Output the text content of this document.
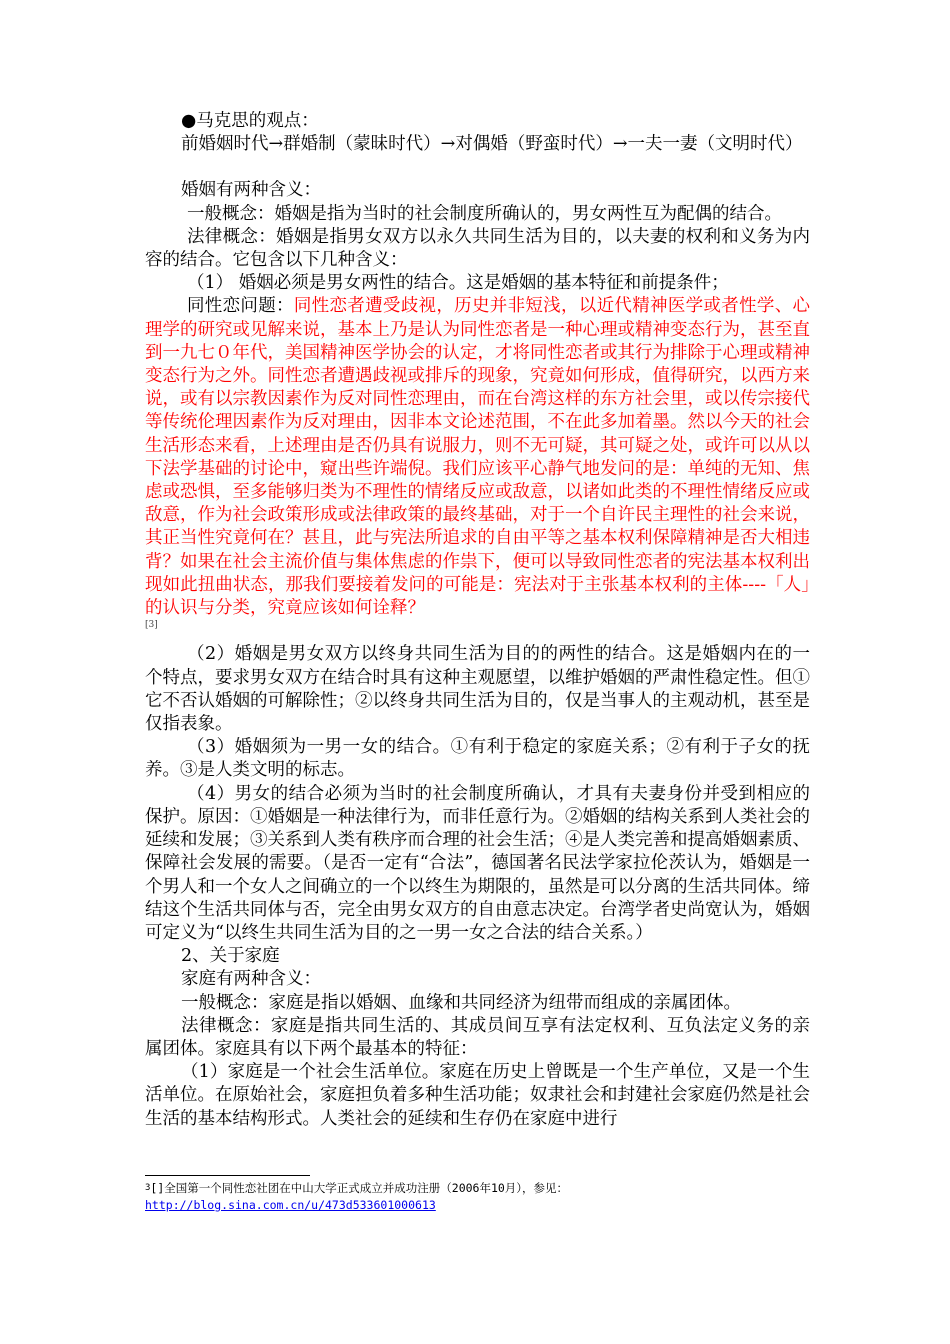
●马克思的观点：

前婚姻时代→群婚制（蒙昧时代）→对偶婚（野蛮时代）→一夫一妻（文明时代）

婚姻有两种含义：

一般概念：婚姻是指为当时的社会制度所确认的，男女两性互为配偶的结合。

法律概念：婚姻是指男女双方以永久共同生活为目的，以夫妻的权利和义务为内容的结合。它包含以下几种含义：

（1） 婚姻必须是男女两性的结合。这是婚姻的基本特征和前提条件；

同性恋问题：同性恋者遭受歧视，历史并非短浅，以近代精神医学或者性学、心理学的研究或见解来说，基本上乃是认为同性恋者是一种心理或精神变态行为，甚至直到一九七０年代，美国精神医学协会的认定，才将同性恋者或其行为排除于心理或精神变态行为之外。同性恋者遭遇歧视或排斥的现象，究竟如何形成，值得研究，以西方来说，或有以宗教因素作为反对同性恋理由，而在台湾这样的东方社会里，或以传宗接代等传统伦理因素作为反对理由，因非本文论述范围，不在此多加着墨。然以今天的社会生活形态来看，上述理由是否仍具有说服力，则不无可疑，其可疑之处，或许可以从以下法学基础的讨论中，窥出些许端倪。我们应该平心静气地发问的是：单纯的无知、焦虑或恐惧，至多能够归类为不理性的情绪反应或敌意，以诸如此类的不理性情绪反应或敌意，作为社会政策形成或法律政策的最终基础，对于一个自许民主理性的社会来说，其正当性究竟何在？甚且，此与宪法所追求的自由平等之基本权利保障精神是否大相违背？如果在社会主流价值与集体焦虑的作祟下，便可以导致同性恋者的宪法基本权利出现如此扭曲状态，那我们要接着发问的可能是：宪法对于主张基本权利的主体----「人」的认识与分类，究竟应该如何诠释？
[3]

（2）婚姻是男女双方以终身共同生活为目的的两性的结合。这是婚姻内在的一个特点，要求男女双方在结合时具有这种主观愿望，以维护婚姻的严肃性稳定性。但①它不否认婚姻的可解除性；②以终身共同生活为目的，仅是当事人的主观动机，甚至是仅指表象。

（3）婚姻须为一男一女的结合。①有利于稳定的家庭关系；②有利于子女的抚养。③是人类文明的标志。

（4）男女的结合必须为当时的社会制度所确认，才具有夫妻身份并受到相应的保护。原因：①婚姻是一种法律行为，而非任意行为。②婚姻的结构关系到人类社会的延续和发展；③关系到人类有秩序而合理的社会生活；④是人类完善和提高婚姻素质、保障社会发展的需要。（是否一定有“合法”，德国著名民法学家拉伦茨认为，婚姻是一个男人和一个女人之间确立的一个以终生为期限的，虽然是可以分离的生活共同体。缔结这个生活共同体与否，完全由男女双方的自由意志决定。台湾学者史尚宽认为，婚姻可定义为“以终生共同生活为目的之一男一女之合法的结合关系。）

2、关于家庭

家庭有两种含义：

一般概念：家庭是指以婚姻、血缘和共同经济为纽带而组成的亲属团体。

法律概念：家庭是指共同生活的、其成员间互享有法定权利、互负法定义务的亲属团体。家庭具有以下两个最基本的特征：

（1）家庭是一个社会生活单位。家庭在历史上曾既是一个生产单位，又是一个生活单位。在原始社会，家庭担负着多种生活功能；奴隶社会和封建社会家庭仍然是社会生活的基本结构形式。人类社会的延续和生存仍在家庭中进行

$^3$[]全国第一个同性恋社团在中山大学正式成立并成功注册（2006年10月），参见：http://blog.sina.com.cn/u/473d533601000613
